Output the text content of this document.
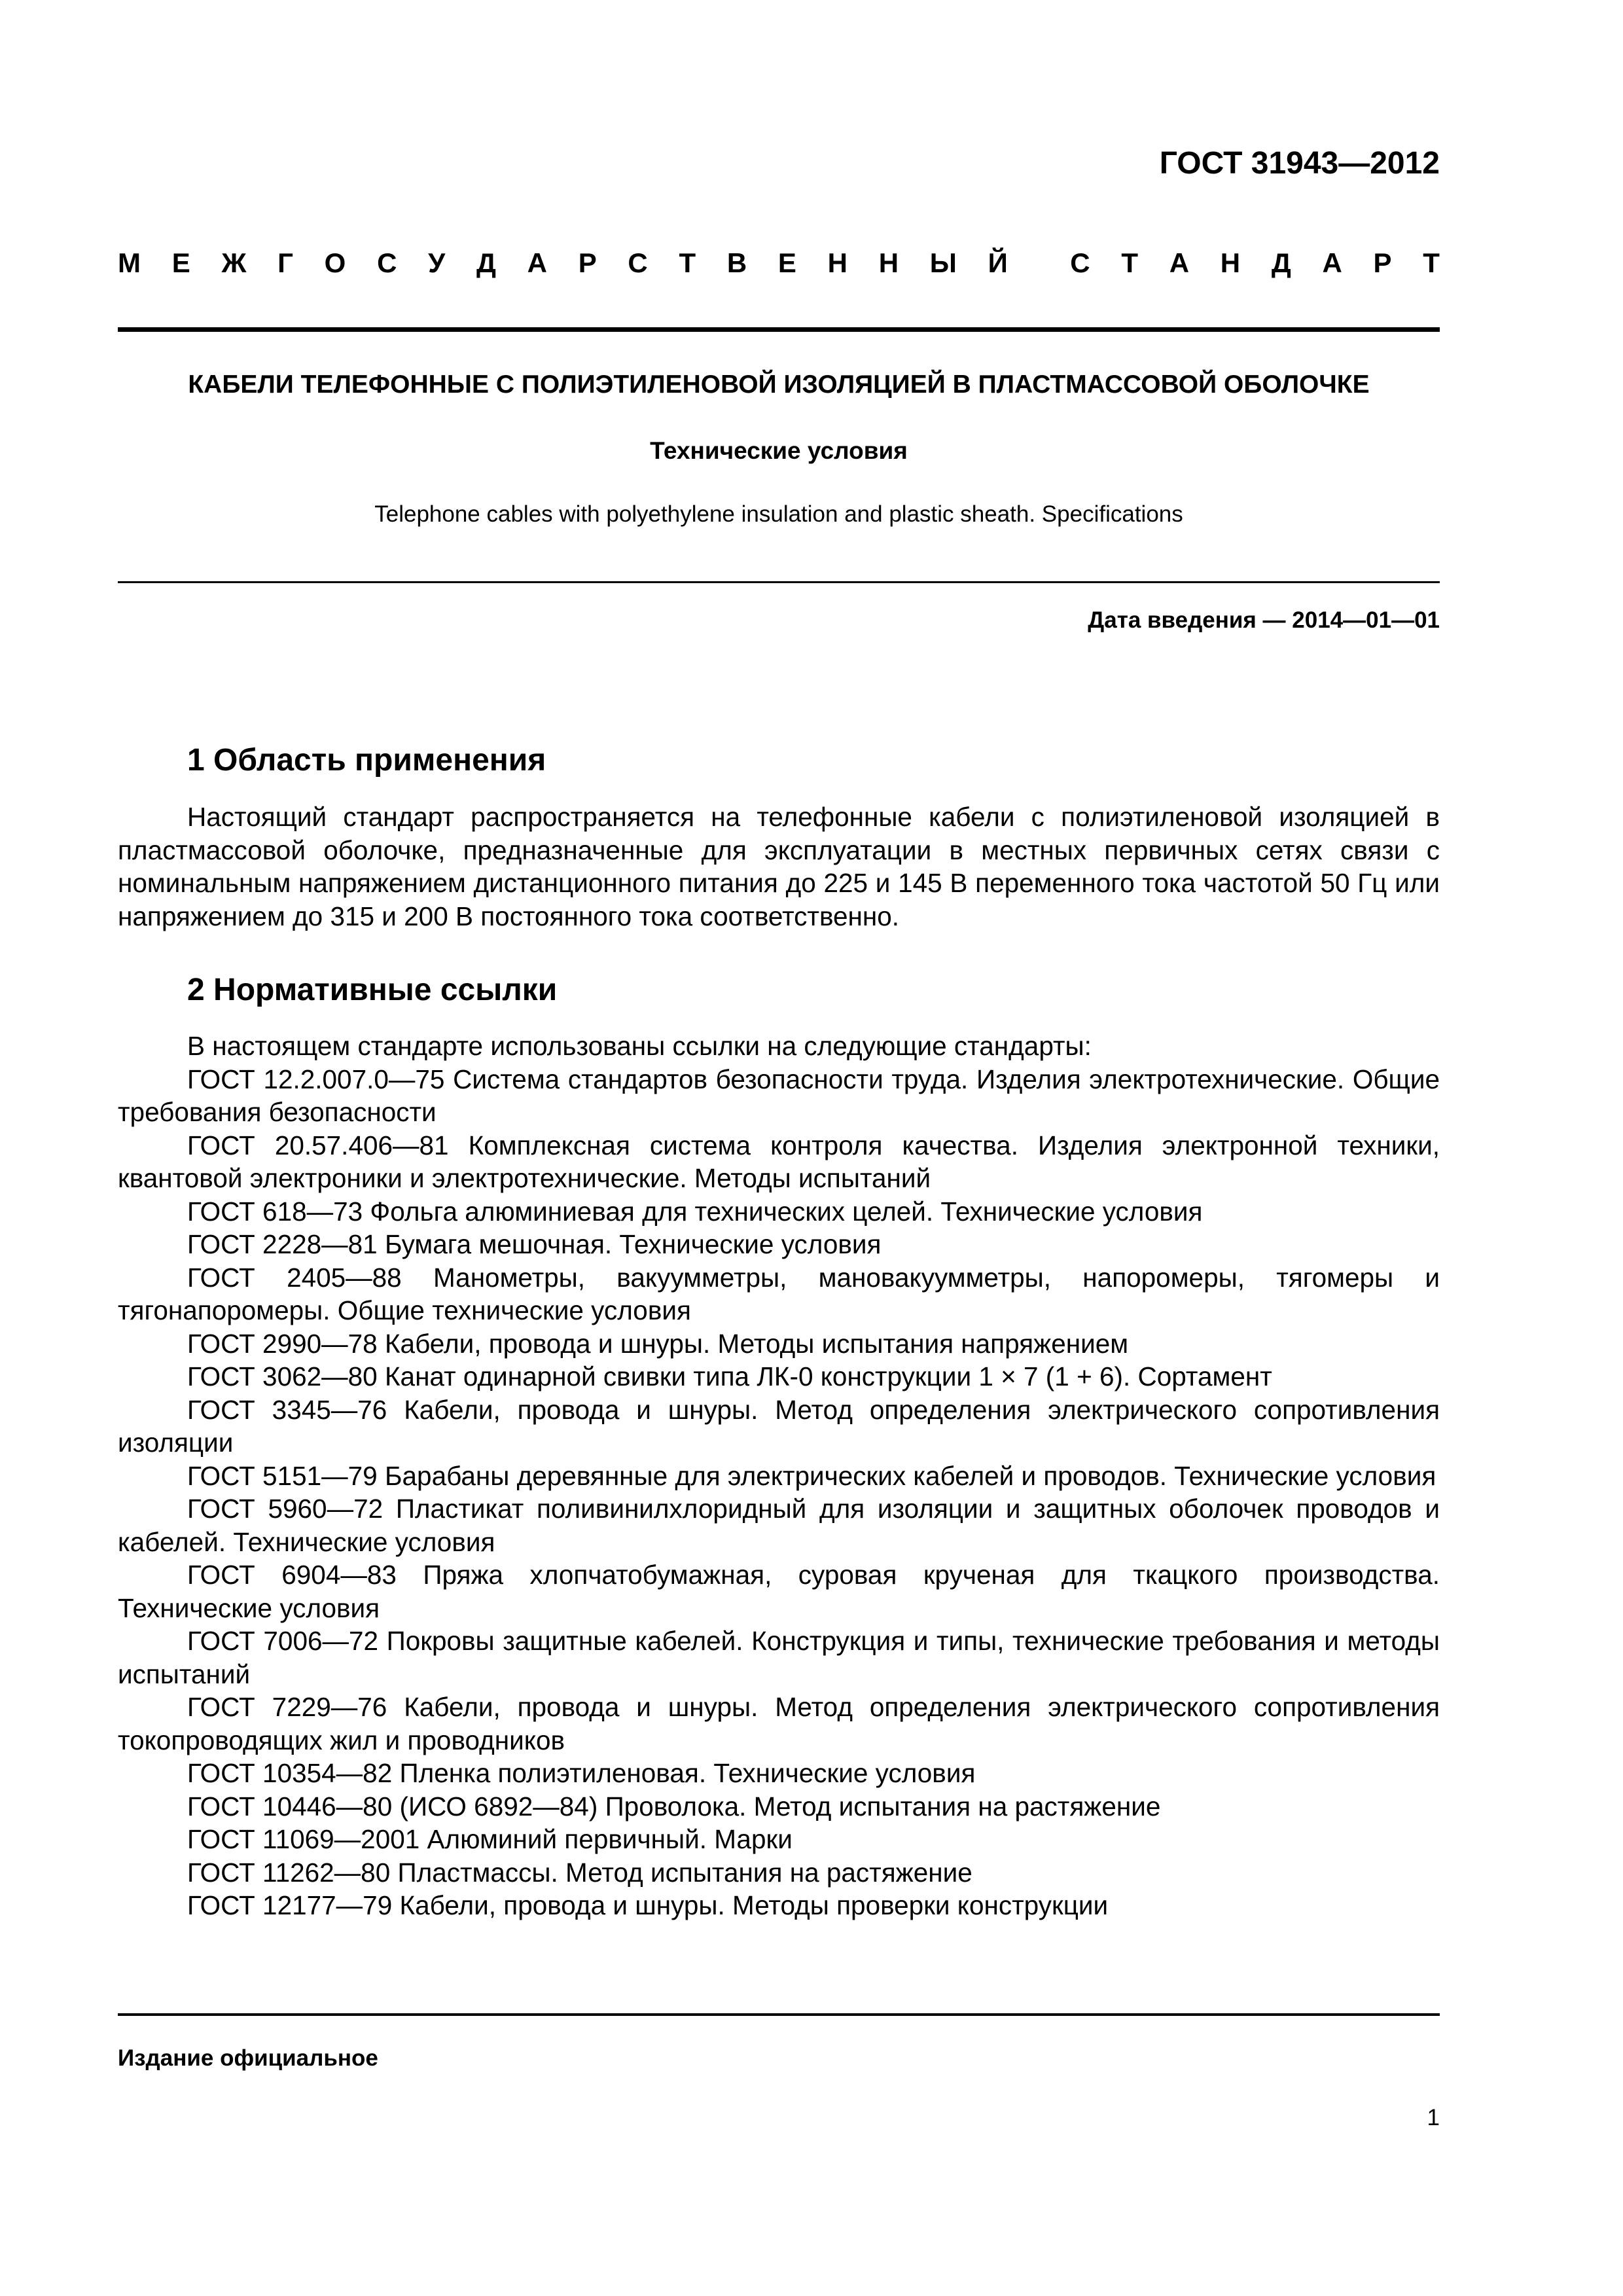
ГОСТ 31943—2012
М Е Ж Г О С У Д А Р С Т В Е Н Н Ы Й С Т А Н Д А Р Т
КАБЕЛИ ТЕЛЕФОННЫЕ С ПОЛИЭТИЛЕНОВОЙ ИЗОЛЯЦИЕЙ В ПЛАСТМАССОВОЙ ОБОЛОЧКЕ
Технические условия
Telephone cables with polyethylene insulation and plastic sheath. Specifications
Дата введения — 2014—01—01
1 Область применения

Настоящий стандарт распространяется на телефонные кабели с полиэтиленовой изоляцией в пластмассовой оболочке, предназначенные для эксплуатации в местных первичных сетях связи с номинальным напряжением дистанционного питания до 225 и 145 В переменного тока частотой 50 Гц или напряжением до 315 и 200 В постоянного тока соответственно.

2 Нормативные ссылки

В настоящем стандарте использованы ссылки на следующие стандарты:

ГОСТ 12.2.007.0—75 Система стандартов безопасности труда. Изделия электротехнические. Общие требования безопасности

ГОСТ 20.57.406—81 Комплексная система контроля качества. Изделия электронной техники, квантовой электроники и электротехнические. Методы испытаний

ГОСТ 618—73 Фольга алюминиевая для технических целей. Технические условия

ГОСТ 2228—81 Бумага мешочная. Технические условия

ГОСТ 2405—88 Манометры, вакуумметры, мановакуумметры, напоромеры, тягомеры и тягонапоромеры. Общие технические условия

ГОСТ 2990—78 Кабели, провода и шнуры. Методы испытания напряжением

ГОСТ 3062—80 Канат одинарной свивки типа ЛК-0 конструкции 1 × 7 (1 + 6). Сортамент

ГОСТ 3345—76 Кабели, провода и шнуры. Метод определения электрического сопротивления изоляции

ГОСТ 5151—79 Барабаны деревянные для электрических кабелей и проводов. Технические условия

ГОСТ 5960—72 Пластикат поливинилхлоридный для изоляции и защитных оболочек проводов и кабелей. Технические условия

ГОСТ 6904—83 Пряжа хлопчатобумажная, суровая крученая для ткацкого производства. Технические условия

ГОСТ 7006—72 Покровы защитные кабелей. Конструкция и типы, технические требования и методы испытаний

ГОСТ 7229—76 Кабели, провода и шнуры. Метод определения электрического сопротивления токопроводящих жил и проводников

ГОСТ 10354—82 Пленка полиэтиленовая. Технические условия

ГОСТ 10446—80 (ИСО 6892—84) Проволока. Метод испытания на растяжение

ГОСТ 11069—2001 Алюминий первичный. Марки

ГОСТ 11262—80 Пластмассы. Метод испытания на растяжение

ГОСТ 12177—79 Кабели, провода и шнуры. Методы проверки конструкции

Издание официальное
1
